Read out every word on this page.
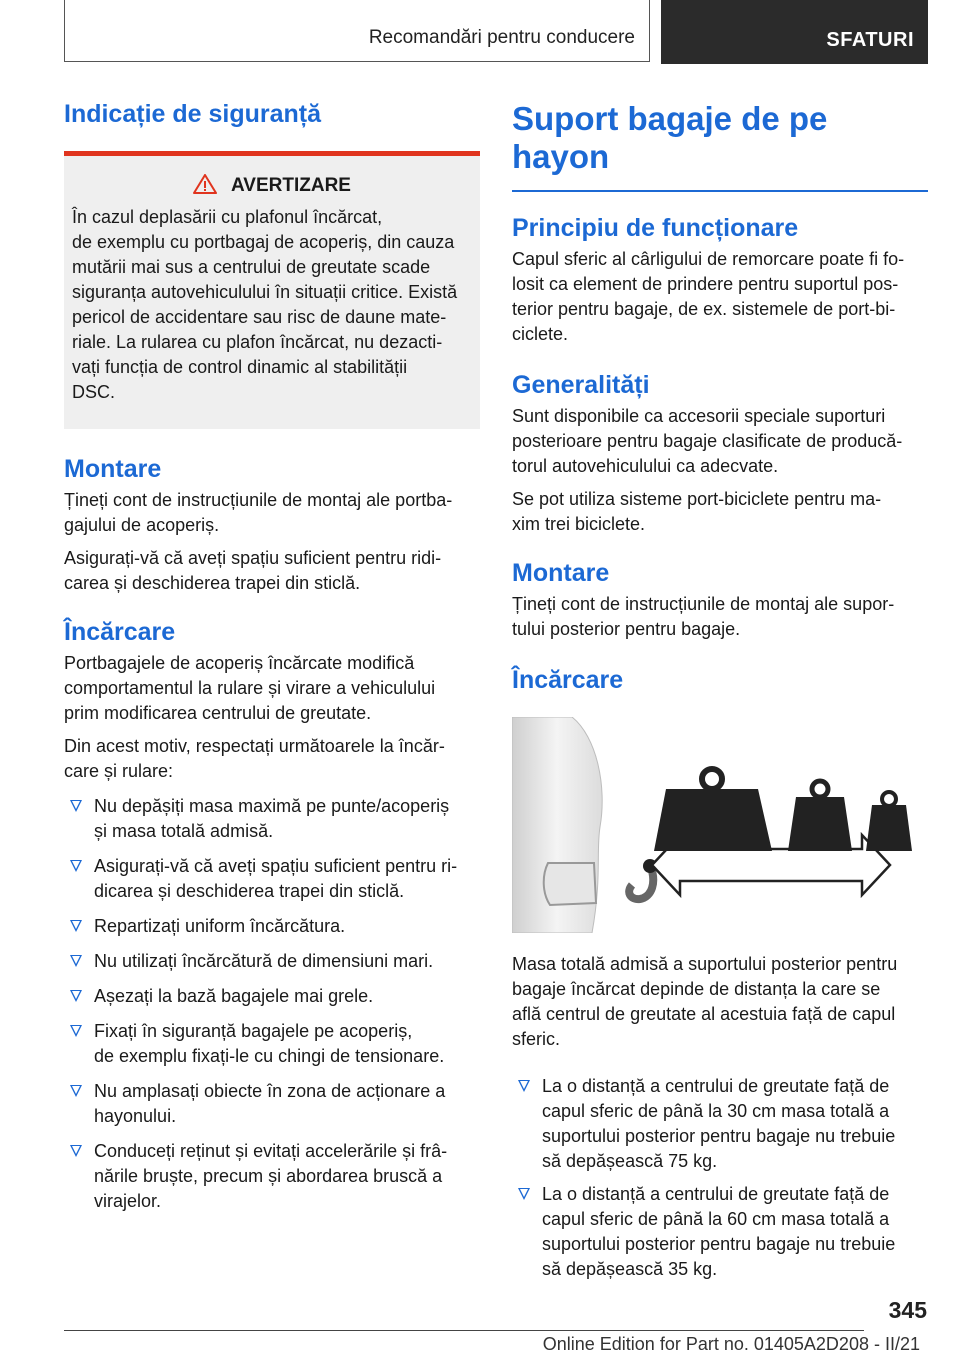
Recomandări pentru conducere	SFATURI
Indicație de siguranță
AVERTIZARE

În cazul deplasării cu plafonul încărcat,
de exemplu cu portbagaj de acoperiș, din cauza
mutării mai sus a centrului de greutate scade
siguranța autovehiculului în situații critice. Există
pericol de accidentare sau risc de daune mate-
riale. La rularea cu plafon încărcat, nu dezacti-
vați funcția de control dinamic al stabilității
DSC.

Montare

Țineți cont de instrucțiunile de montaj ale portba-
gajului de acoperiș.

Asigurați-vă că aveți spațiu suficient pentru ridi-
carea și deschiderea trapei din sticlă.

Încărcare

Portbagajele de acoperiș încărcate modifică
comportamentul la rulare și virare a vehiculului
prim modificarea centrului de greutate.

Din acest motiv, respectați următoarele la încăr-
care și rulare:

Nu depășiți masa maximă pe punte/acoperiș
și masa totală admisă.
Asigurați-vă că aveți spațiu suficient pentru ri-
dicarea și deschiderea trapei din sticlă.
Repartizați uniform încărcătura.
Nu utilizați încărcătură de dimensiuni mari.
Așezați la bază bagajele mai grele.
Fixați în siguranță bagajele pe acoperiș,
de exemplu fixați-le cu chingi de tensionare.
Nu amplasați obiecte în zona de acționare a
hayonului.
Conduceți reținut și evitați accelerările și frâ-
nările bruște, precum și abordarea bruscă a
virajelor.
Suport bagaje de pe hayon
Principiu de funcționare

Capul sferic al cârligului de remorcare poate fi fo-
losit ca element de prindere pentru suportul pos-
terior pentru bagaje, de ex. sistemele de port-bi-
ciclete.

Generalități

Sunt disponibile ca accesorii speciale suporturi
posterioare pentru bagaje clasificate de producă-
torul autovehiculului ca adecvate.

Se pot utiliza sisteme port-biciclete pentru ma-
xim trei biciclete.

Montare

Țineți cont de instrucțiunile de montaj ale supor-
tului posterior pentru bagaje.

Încărcare

Masa totală admisă a suportului posterior pentru
bagaje încărcat depinde de distanța la care se
află centrul de greutate al acestuia față de capul
sferic.

La o distanță a centrului de greutate față de
capul sferic de până la 30 cm masa totală a
suportului posterior pentru bagaje nu trebuie
să depășească 75 kg.
La o distanță a centrului de greutate față de
capul sferic de până la 60 cm masa totală a
suportului posterior pentru bagaje nu trebuie
să depășească 35 kg.
345
Online Edition for Part no. 01405A2D208 - II/21
